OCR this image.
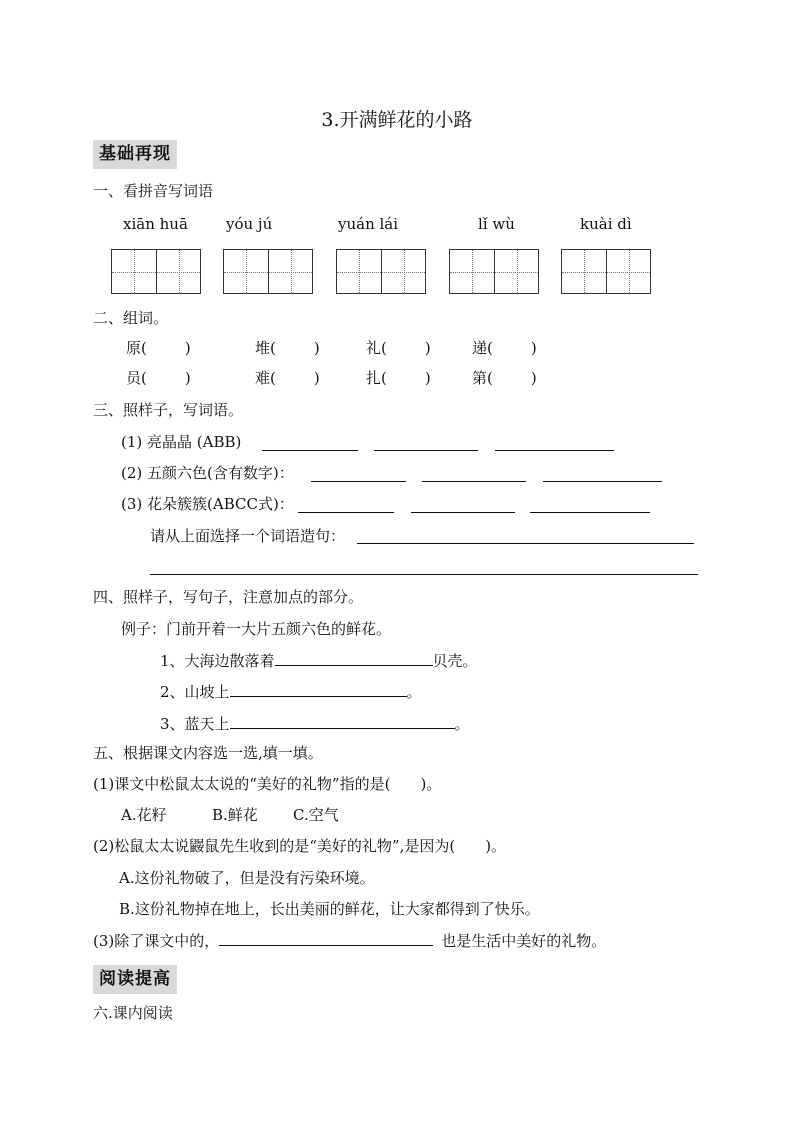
3.开满鲜花的小路
基础再现
一、看拼音写词语
xiān huā	yóu jú	yuán lái	lǐ wù	kuài dì
二、组词。
原(	)	堆(	)	礼(	)	递(	)
员(	)	难(	)	扎(	)	第(	)
三、照样子，写词语。
(1) 亮晶晶 (ABB)
(2) 五颜六色(含有数字)：
(3) 花朵簇簇(ABCC式)：
请从上面选择一个词语造句：
四、照样子，写句子，注意加点的部分。
例子：门前开着一大片五颜六色的鲜花。
1、大海边散落着	贝壳。
2、山坡上	。
3、蓝天上	。
五、根据课文内容选一选,填一填。
(1)课文中松鼠太太说的“美好的礼物”指的是(　　)。
A.花籽	B.鲜花 C.空气
(2)松鼠太太说鼹鼠先生收到的是“美好的礼物”,是因为(　　)。
A.这份礼物破了，但是没有污染环境。
B.这份礼物掉在地上，长出美丽的鲜花，让大家都得到了快乐。
(3)除了课文中的，	也是生活中美好的礼物。
阅读提高
六.课内阅读
